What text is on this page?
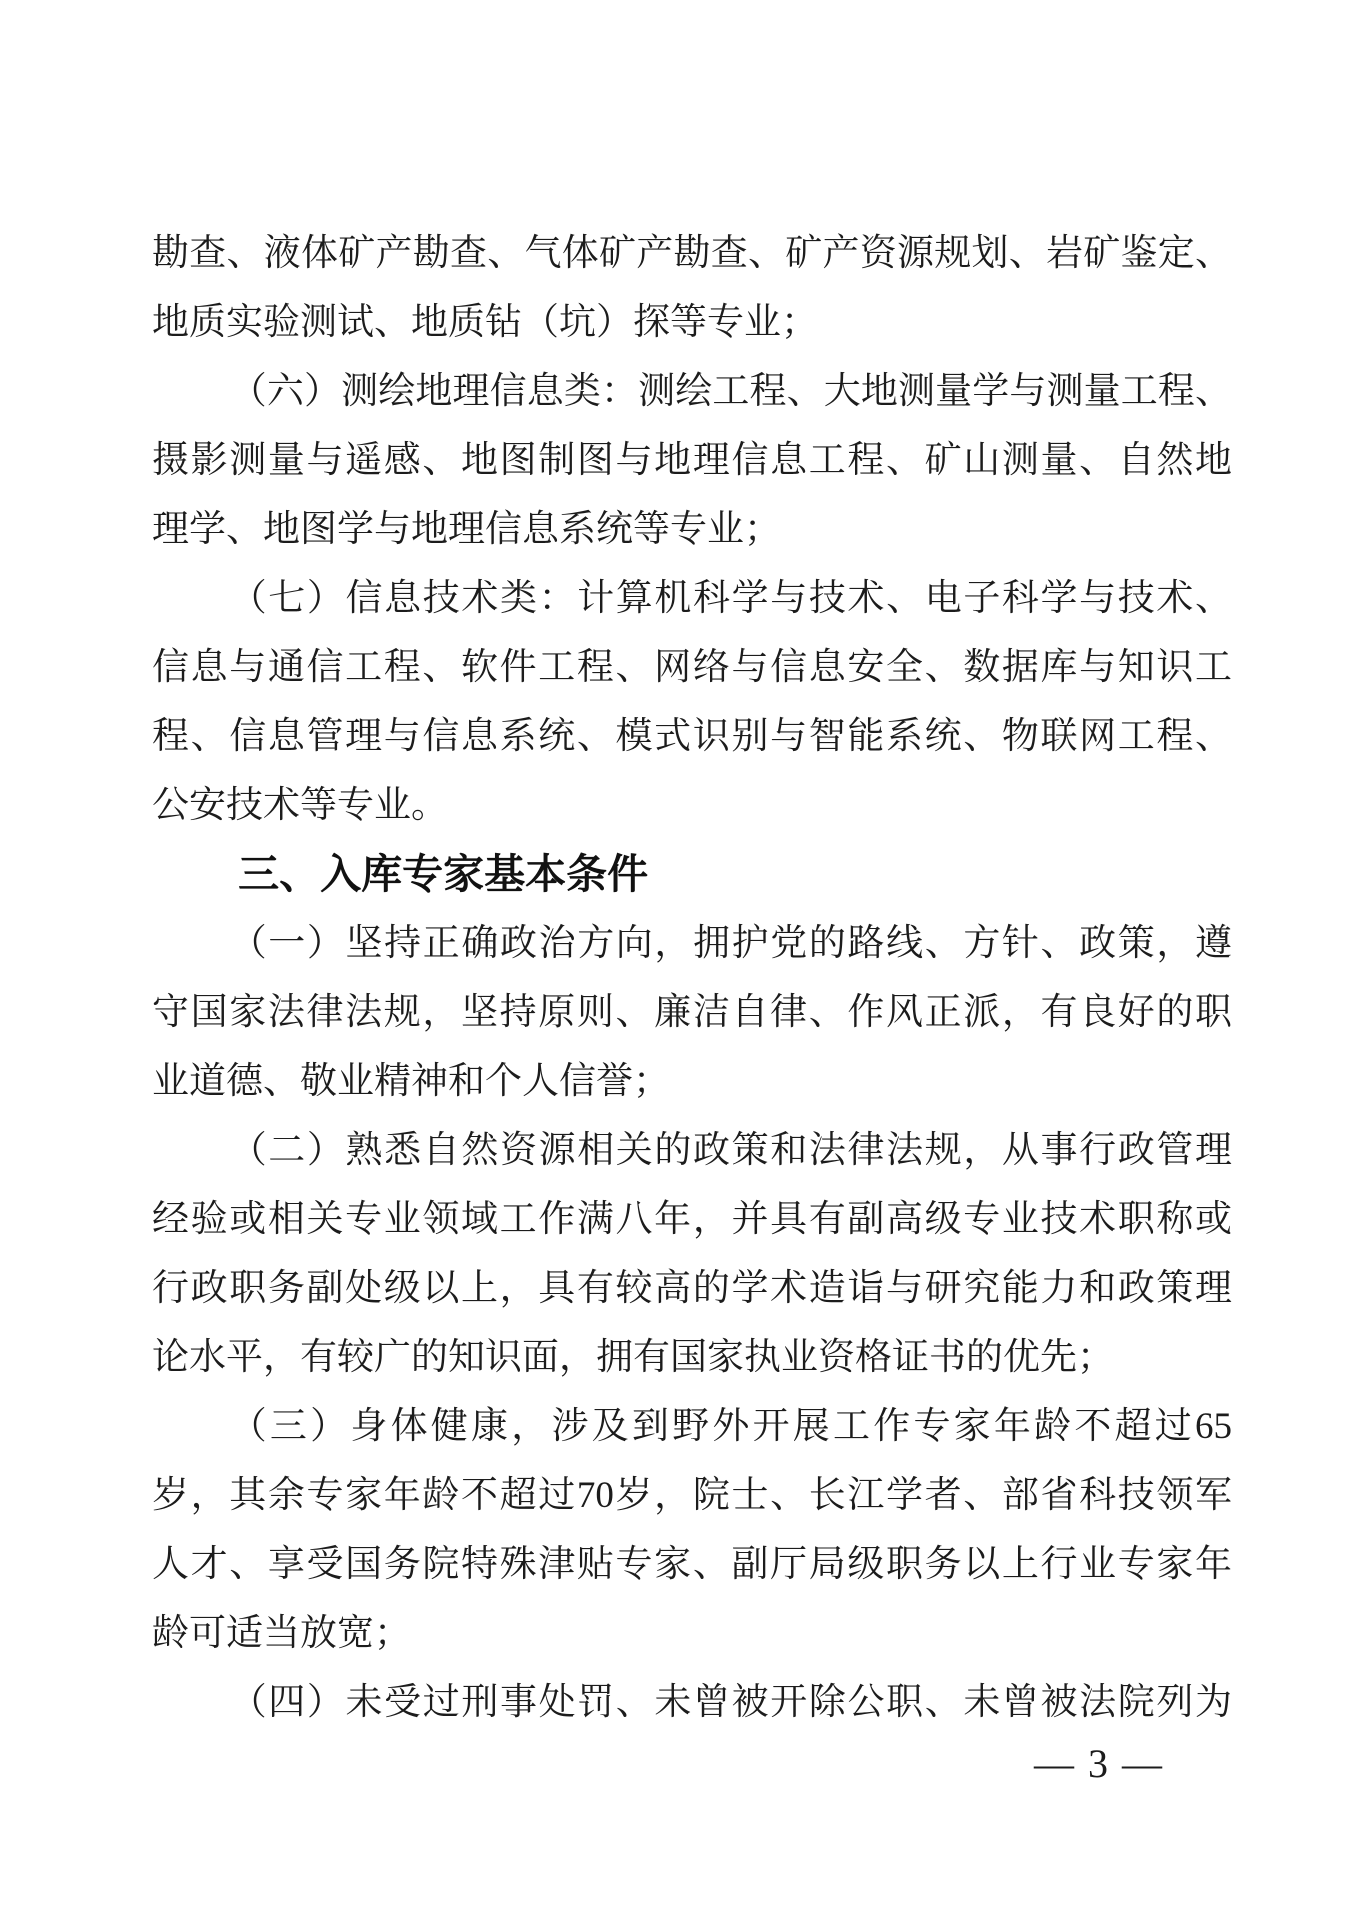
勘查、液体矿产勘查、气体矿产勘查、矿产资源规划、岩矿鉴定、
地质实验测试、地质钻（坑）探等专业；
（六）测绘地理信息类：测绘工程、大地测量学与测量工程、
摄影测量与遥感、地图制图与地理信息工程、矿山测量、自然地
理学、地图学与地理信息系统等专业；
（七）信息技术类：计算机科学与技术、电子科学与技术、
信息与通信工程、软件工程、网络与信息安全、数据库与知识工
程、信息管理与信息系统、模式识别与智能系统、物联网工程、
公安技术等专业。
三、入库专家基本条件
（一）坚持正确政治方向，拥护党的路线、方针、政策，遵
守国家法律法规，坚持原则、廉洁自律、作风正派，有良好的职
业道德、敬业精神和个人信誉；
（二）熟悉自然资源相关的政策和法律法规，从事行政管理
经验或相关专业领域工作满八年，并具有副高级专业技术职称或
行政职务副处级以上，具有较高的学术造诣与研究能力和政策理
论水平，有较广的知识面，拥有国家执业资格证书的优先；
（三）身体健康，涉及到野外开展工作专家年龄不超过65
岁，其余专家年龄不超过70岁，院士、长江学者、部省科技领军
人才、享受国务院特殊津贴专家、副厅局级职务以上行业专家年
龄可适当放宽；
（四）未受过刑事处罚、未曾被开除公职、未曾被法院列为
— 3 —
